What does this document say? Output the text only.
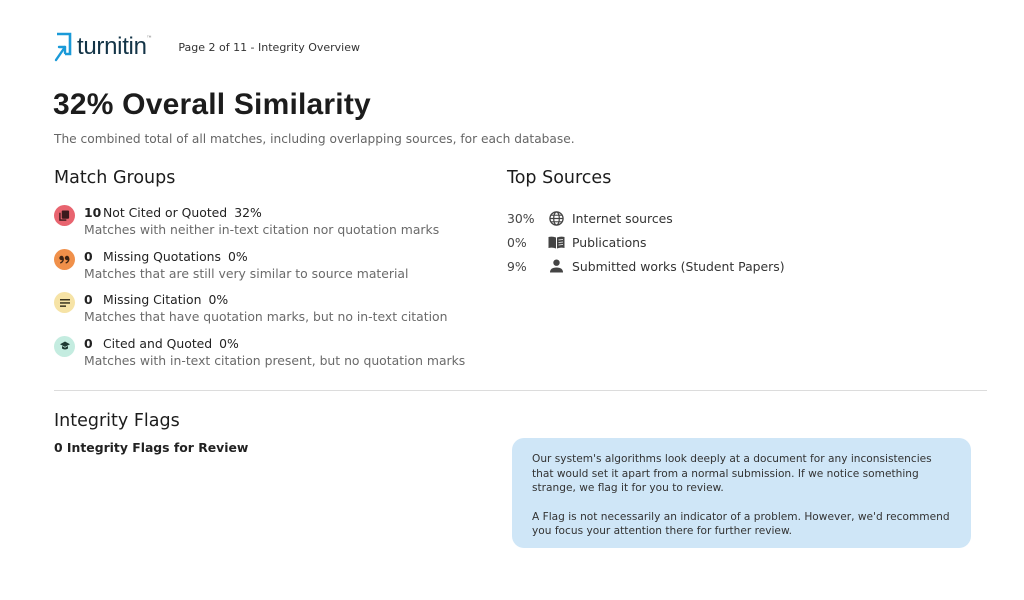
turnitin™
Page 2 of 11 - Integrity Overview
32% Overall Similarity
The combined total of all matches, including overlapping sources, for each database.
Match Groups
10 Not Cited or Quoted 32%
Matches with neither in-text citation nor quotation marks
0 Missing Quotations 0%
Matches that are still very similar to source material
0 Missing Citation 0%
Matches that have quotation marks, but no in-text citation
0 Cited and Quoted 0%
Matches with in-text citation present, but no quotation marks
Top Sources
30%	Internet sources
0%	Publications
9%	Submitted works (Student Papers)
Integrity Flags
0 Integrity Flags for Review

Our system's algorithms look deeply at a document for any inconsistencies that would set it apart from a normal submission. If we notice something strange, we flag it for you to review.

A Flag is not necessarily an indicator of a problem. However, we'd recommend you focus your attention there for further review.
